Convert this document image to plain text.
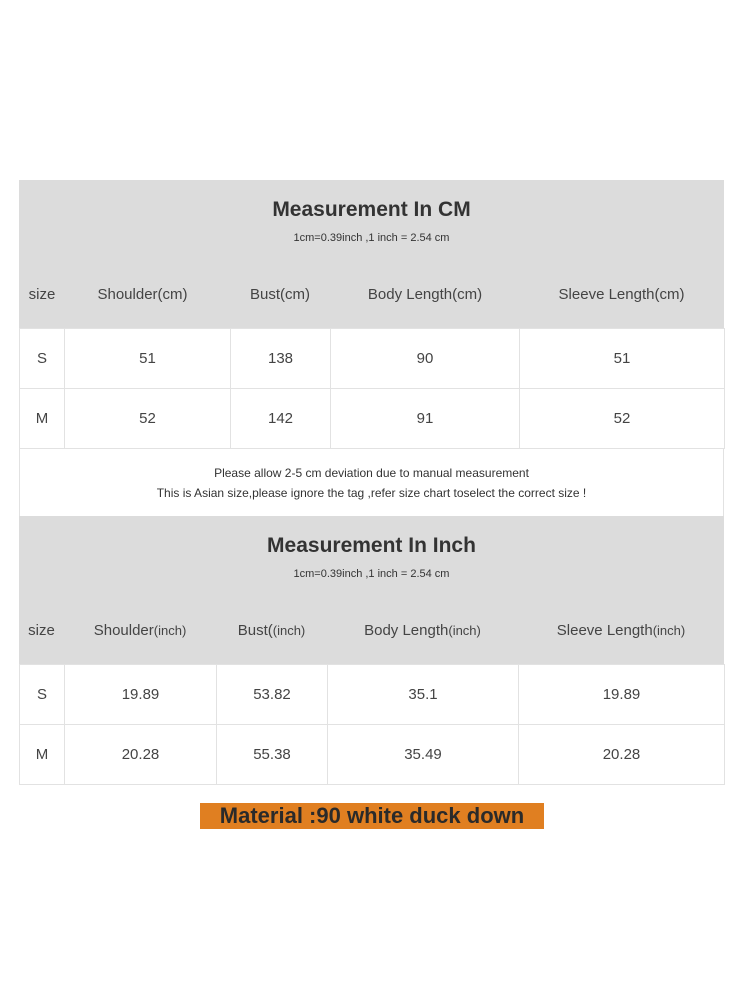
Measurement In CM
1cm=0.39inch ,1 inch = 2.54 cm
size	Shoulder(cm)	Bust(cm)	Body Length(cm)	Sleeve Length(cm)
S	51	138	90	51
M	52	142	91	52
Please allow 2-5 cm deviation due to manual measurement
This is Asian size,please ignore the tag ,refer size chart toselect the correct size !
Measurement In Inch
1cm=0.39inch ,1 inch = 2.54 cm
size	Shoulder(inch)	Bust((inch)	Body Length(inch)	Sleeve Length(inch)
S	19.89	53.82	35.1	19.89
M	20.28	55.38	35.49	20.28
Material :90 white duck down
